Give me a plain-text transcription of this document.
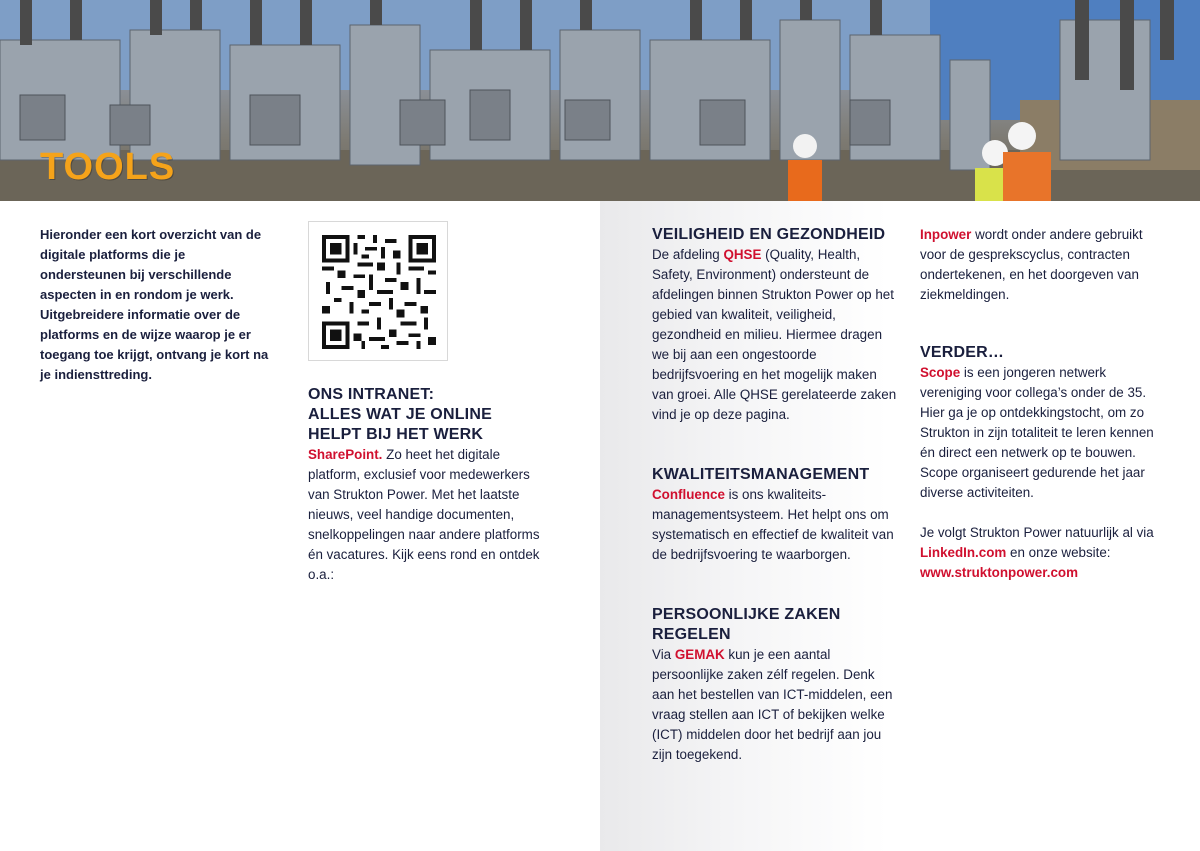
TOOLS
Hieronder een kort overzicht van de digitale platforms die je ondersteunen bij verschillende aspecten in en rondom je werk. Uitgebreidere informatie over de platforms en de wijze waarop je er toegang toe krijgt, ontvang je kort na je indiensttreding.
ONS INTRANET:
ALLES WAT JE ONLINE
HELPT BIJ HET WERK

SharePoint. Zo heet het digitale platform, exclusief voor medewerkers van Strukton Power. Met het laatste nieuws, veel handige documenten, snelkoppelingen naar andere platforms én vacatures. Kijk eens rond en ontdek o.a.:

VEILIGHEID EN GEZONDHEID

De afdeling QHSE (Quality, Health, Safety, Environment) ondersteunt de afdelingen binnen Strukton Power op het gebied van kwaliteit, veiligheid, gezondheid en milieu. Hiermee dragen we bij aan een ongestoorde bedrijfsvoering en het mogelijk maken van groei. Alle QHSE gerelateerde zaken vind je op deze pagina.

KWALITEITSMANAGEMENT

Confluence is ons kwaliteits-managementsysteem. Het helpt ons om systematisch en effectief de kwaliteit van de bedrijfsvoering te waarborgen.

PERSOONLIJKE ZAKEN
REGELEN

Via GEMAK kun je een aantal persoonlijke zaken zélf regelen. Denk aan het bestellen van ICT-middelen, een vraag stellen aan ICT of bekijken welke (ICT) middelen door het bedrijf aan jou zijn toegekend.

Inpower wordt onder andere gebruikt voor de gesprekscyclus, contracten ondertekenen, en het doorgeven van ziekmeldingen.

VERDER…

Scope is een jongeren netwerk vereniging voor collega’s onder de 35. Hier ga je op ontdekkingstocht, om zo Strukton in zijn totaliteit te leren kennen én direct een netwerk op te bouwen. Scope organiseert gedurende het jaar diverse activiteiten.

Je volgt Strukton Power natuurlijk al via LinkedIn.com en onze website:
www.struktonpower.com
